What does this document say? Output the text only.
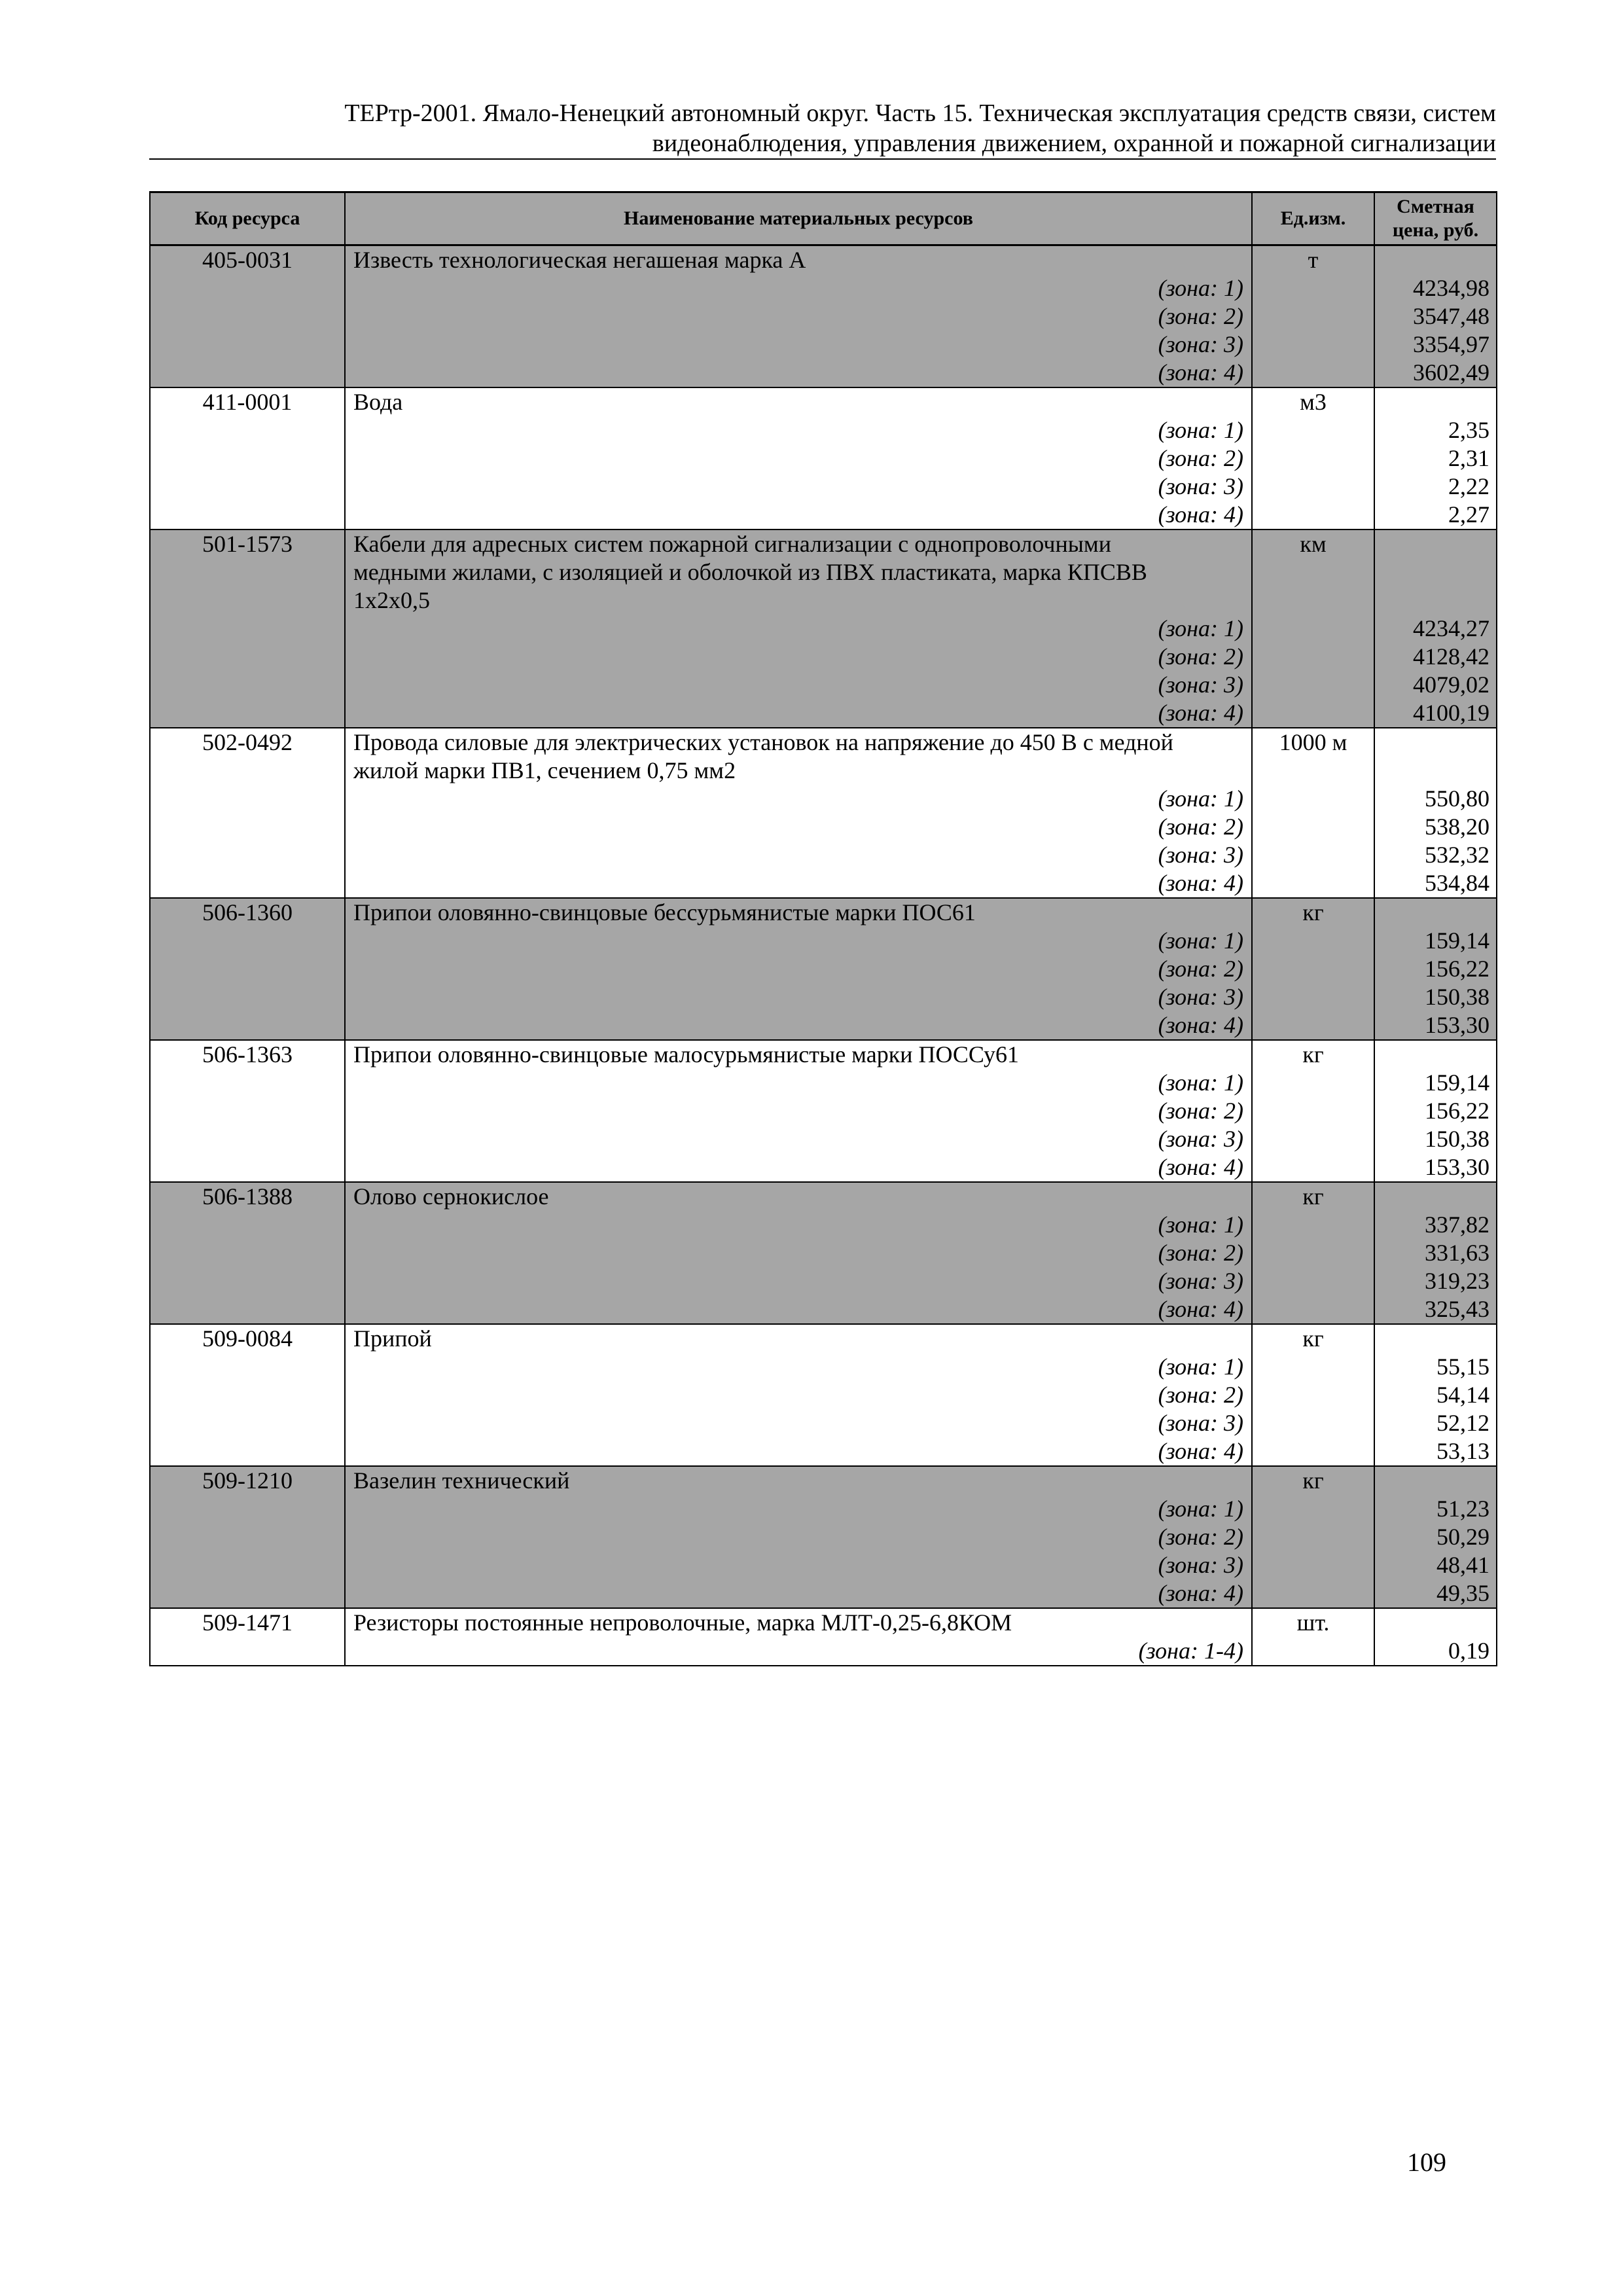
ТЕРтр-2001. Ямало-Ненецкий автономный округ. Часть 15. Техническая эксплуатация средств связи, систем
видеонаблюдения, управления движением, охранной и пожарной сигнализации
Код ресурса	Наименование материальных ресурсов	Ед.изм.	Сметная
цена, руб.

405-0031	Известь технологическая негашеная марка А	т	
	(зона: 1)		4234,98
	(зона: 2)		3547,48
	(зона: 3)		3354,97
	(зона: 4)		3602,49
411-0001	Вода	м3	
	(зона: 1)		2,35
	(зона: 2)		2,31
	(зона: 3)		2,22
	(зона: 4)		2,27
501-1573	Кабели для адресных систем пожарной сигнализации с однопроволочными	км	
	медными жилами, с изоляцией и оболочкой из ПВХ пластиката, марка КПСВВ		
	1х2х0,5		
	(зона: 1)		4234,27
	(зона: 2)		4128,42
	(зона: 3)		4079,02
	(зона: 4)		4100,19
502-0492	Провода силовые для электрических установок на напряжение до 450 В с медной	1000 м	
	жилой марки ПВ1, сечением 0,75 мм2		
	(зона: 1)		550,80
	(зона: 2)		538,20
	(зона: 3)		532,32
	(зона: 4)		534,84
506-1360	Припои оловянно-свинцовые бессурьмянистые марки ПОС61	кг	
	(зона: 1)		159,14
	(зона: 2)		156,22
	(зона: 3)		150,38
	(зона: 4)		153,30
506-1363	Припои оловянно-свинцовые малосурьмянистые марки ПОССу61	кг	
	(зона: 1)		159,14
	(зона: 2)		156,22
	(зона: 3)		150,38
	(зона: 4)		153,30
506-1388	Олово сернокислое	кг	
	(зона: 1)		337,82
	(зона: 2)		331,63
	(зона: 3)		319,23
	(зона: 4)		325,43
509-0084	Припой	кг	
	(зона: 1)		55,15
	(зона: 2)		54,14
	(зона: 3)		52,12
	(зона: 4)		53,13
509-1210	Вазелин технический	кг	
	(зона: 1)		51,23
	(зона: 2)		50,29
	(зона: 3)		48,41
	(зона: 4)		49,35
509-1471	Резисторы постоянные непроволочные, марка МЛТ-0,25-6,8КОМ	шт.	
	(зона: 1-4)		0,19
109
